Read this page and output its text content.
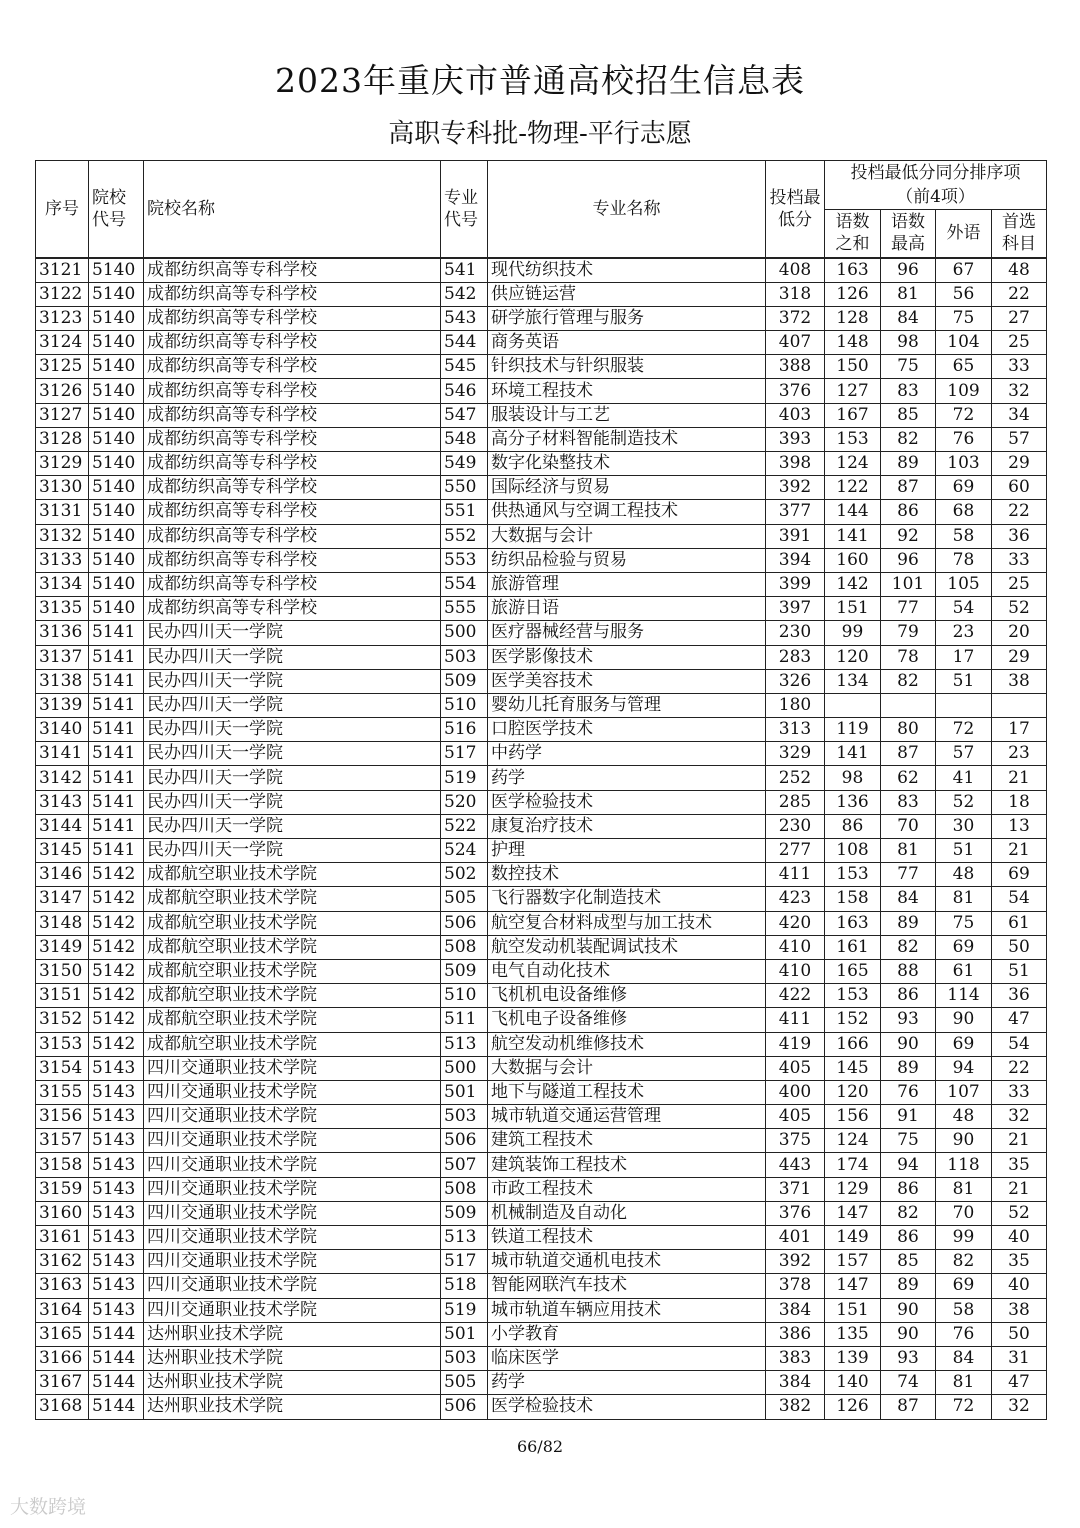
2023年重庆市普通高校招生信息表
高职专科批-物理-平行志愿
序号	院校代号	院校名称	专业代号	专业名称	投档最低分	投档最低分同分排序项
（前4项）			

						语数之和	语数最高	外语	首选科目
3121	5140	成都纺织高等专科学校	541	现代纺织技术	408	163	96	67	48
3122	5140	成都纺织高等专科学校	542	供应链运营	318	126	81	56	22
3123	5140	成都纺织高等专科学校	543	研学旅行管理与服务	372	128	84	75	27
3124	5140	成都纺织高等专科学校	544	商务英语	407	148	98	104	25
3125	5140	成都纺织高等专科学校	545	针织技术与针织服装	388	150	75	65	33
3126	5140	成都纺织高等专科学校	546	环境工程技术	376	127	83	109	32
3127	5140	成都纺织高等专科学校	547	服装设计与工艺	403	167	85	72	34
3128	5140	成都纺织高等专科学校	548	高分子材料智能制造技术	393	153	82	76	57
3129	5140	成都纺织高等专科学校	549	数字化染整技术	398	124	89	103	29
3130	5140	成都纺织高等专科学校	550	国际经济与贸易	392	122	87	69	60
3131	5140	成都纺织高等专科学校	551	供热通风与空调工程技术	377	144	86	68	22
3132	5140	成都纺织高等专科学校	552	大数据与会计	391	141	92	58	36
3133	5140	成都纺织高等专科学校	553	纺织品检验与贸易	394	160	96	78	33
3134	5140	成都纺织高等专科学校	554	旅游管理	399	142	101	105	25
3135	5140	成都纺织高等专科学校	555	旅游日语	397	151	77	54	52
3136	5141	民办四川天一学院	500	医疗器械经营与服务	230	99	79	23	20
3137	5141	民办四川天一学院	503	医学影像技术	283	120	78	17	29
3138	5141	民办四川天一学院	509	医学美容技术	326	134	82	51	38
3139	5141	民办四川天一学院	510	婴幼儿托育服务与管理	180				
3140	5141	民办四川天一学院	516	口腔医学技术	313	119	80	72	17
3141	5141	民办四川天一学院	517	中药学	329	141	87	57	23
3142	5141	民办四川天一学院	519	药学	252	98	62	41	21
3143	5141	民办四川天一学院	520	医学检验技术	285	136	83	52	18
3144	5141	民办四川天一学院	522	康复治疗技术	230	86	70	30	13
3145	5141	民办四川天一学院	524	护理	277	108	81	51	21
3146	5142	成都航空职业技术学院	502	数控技术	411	153	77	48	69
3147	5142	成都航空职业技术学院	505	飞行器数字化制造技术	423	158	84	81	54
3148	5142	成都航空职业技术学院	506	航空复合材料成型与加工技术	420	163	89	75	61
3149	5142	成都航空职业技术学院	508	航空发动机装配调试技术	410	161	82	69	50
3150	5142	成都航空职业技术学院	509	电气自动化技术	410	165	88	61	51
3151	5142	成都航空职业技术学院	510	飞机机电设备维修	422	153	86	114	36
3152	5142	成都航空职业技术学院	511	飞机电子设备维修	411	152	93	90	47
3153	5142	成都航空职业技术学院	513	航空发动机维修技术	419	166	90	69	54
3154	5143	四川交通职业技术学院	500	大数据与会计	405	145	89	94	22
3155	5143	四川交通职业技术学院	501	地下与隧道工程技术	400	120	76	107	33
3156	5143	四川交通职业技术学院	503	城市轨道交通运营管理	405	156	91	48	32
3157	5143	四川交通职业技术学院	506	建筑工程技术	375	124	75	90	21
3158	5143	四川交通职业技术学院	507	建筑装饰工程技术	443	174	94	118	35
3159	5143	四川交通职业技术学院	508	市政工程技术	371	129	86	81	21
3160	5143	四川交通职业技术学院	509	机械制造及自动化	376	147	82	70	52
3161	5143	四川交通职业技术学院	513	铁道工程技术	401	149	86	99	40
3162	5143	四川交通职业技术学院	517	城市轨道交通机电技术	392	157	85	82	35
3163	5143	四川交通职业技术学院	518	智能网联汽车技术	378	147	89	69	40
3164	5143	四川交通职业技术学院	519	城市轨道车辆应用技术	384	151	90	58	38
3165	5144	达州职业技术学院	501	小学教育	386	135	90	76	50
3166	5144	达州职业技术学院	503	临床医学	383	139	93	84	31
3167	5144	达州职业技术学院	505	药学	384	140	74	81	47
3168	5144	达州职业技术学院	506	医学检验技术	382	126	87	72	32
66/82
大数跨境
